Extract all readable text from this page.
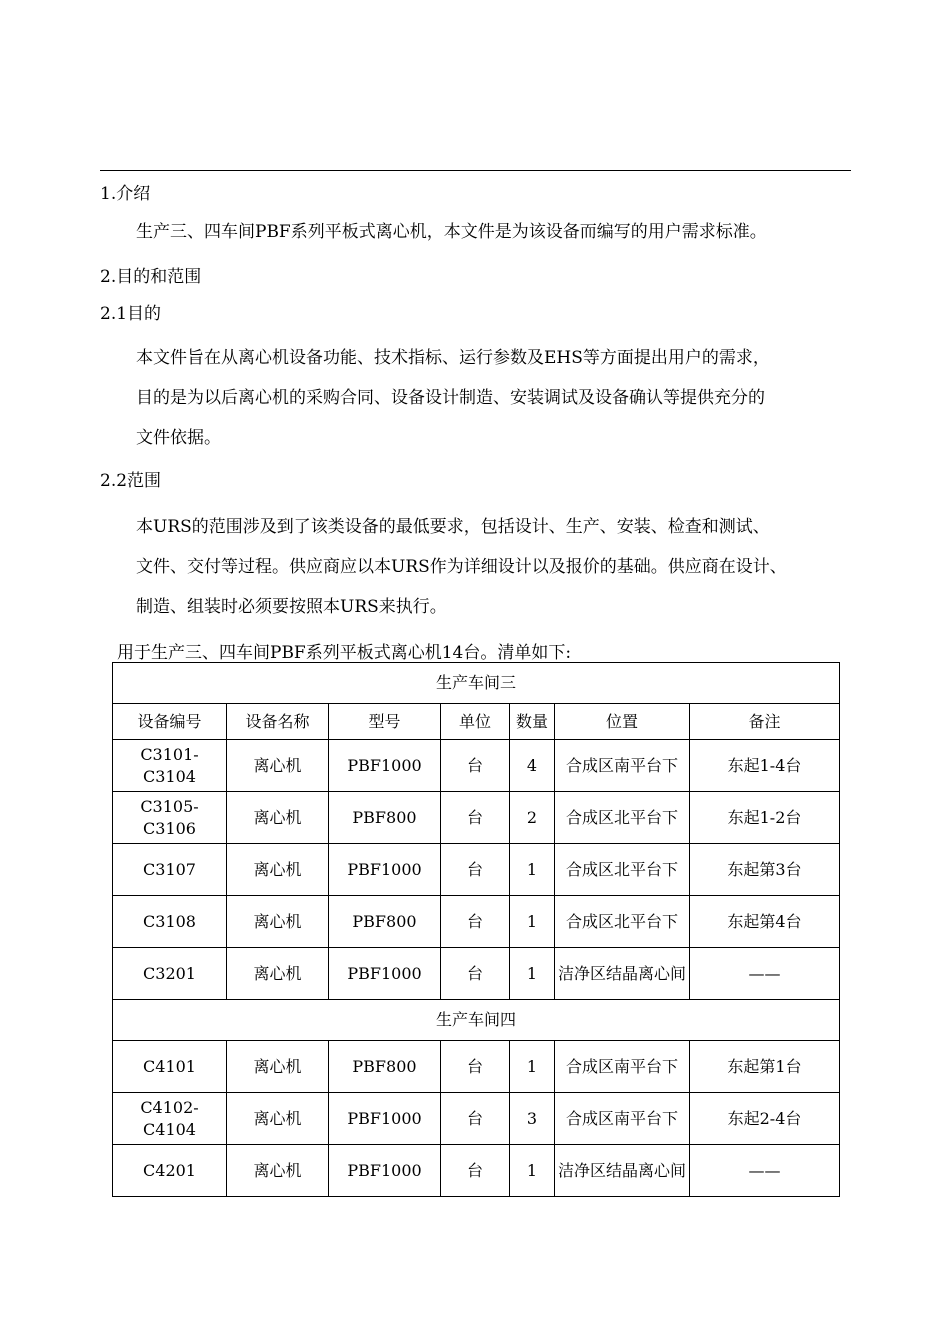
1.介绍
生产三、四车间PBF系列平板式离心机，本文件是为该设备而编写的用户需求标准。
2.目的和范围
2.1目的
本文件旨在从离心机设备功能、技术指标、运行参数及EHS等方面提出用户的需求，
目的是为以后离心机的采购合同、设备设计制造、安装调试及设备确认等提供充分的
文件依据。
2.2范围
本URS的范围涉及到了该类设备的最低要求，包括设计、生产、安装、检查和测试、
文件、交付等过程。供应商应以本URS作为详细设计以及报价的基础。供应商在设计、
制造、组装时必须要按照本URS来执行。
用于生产三、四车间PBF系列平板式离心机14台。清单如下:
生产车间三						
设备编号	设备名称	型号	单位	数量	位置	备注
C3101-C3104	离心机	PBF1000	台	4	合成区南平台下	东起1-4台
C3105-C3106	离心机	PBF800	台	2	合成区北平台下	东起1-2台
C3107	离心机	PBF1000	台	1	合成区北平台下	东起第3台
C3108	离心机	PBF800	台	1	合成区北平台下	东起第4台
C3201	离心机	PBF1000	台	1	洁净区结晶离心间	——
生产车间四						
C4101	离心机	PBF800	台	1	合成区南平台下	东起第1台
C4102-C4104	离心机	PBF1000	台	3	合成区南平台下	东起2-4台
C4201	离心机	PBF1000	台	1	洁净区结晶离心间	——
